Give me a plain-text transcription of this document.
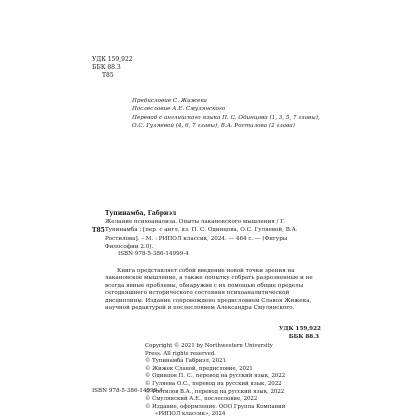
УДК 159,922
ББК 88.3
Т85
Предисловие С. Жижека
Послесловие А.Е. Смулянского
Перевод с английского языка П. С. Одинцова (1, 3, 5, 7 главы),
О.С. Гуляевой (4, 6, 7 главы), В.А. Ростилова (2 глава)
Тупинамба, Габриэл
Т85
Желание психоанализа. Опыты лакановского мышления / Г. Тупинамба ; [пер. с англ. яз. П. С. Одинцова, О.С. Гуляевой, В.А. Ростилова]. – М. : РИПОЛ классик, 2024. — 464 с. — (Фигуры Философии 2.0).
ISBN 978-5-386-14999-4
Книга представляет собой введение новой точки зрения на лакановское мышление, а также попытку собрать разрозненные и не всегда явные проблемы, обнаружив с их помощью общие пределы сегодняшнего исторического состояния психоаналитической дисциплины. Издание сопровождено предисловием Славоя Жижека, научной редактурой и послесловием Александра Смулянского.
УДК 159,922
ББК 88.3
Copyright © 2021 by Northwestern University
Press. All rights reserved.
© Тупинамба Габриэл, 2021
© Жижек Славой, предисловие, 2021
© Одинцов П. С., перевод на русский язык, 2022
© Гуляева О.С., перевод на русский язык, 2022
© Ростилов В.А., перевод на русский язык, 2022
© Смулянский А.Е., послесловие, 2022
© Издание, оформление. ООО Группа Компаний
«РИПОЛ классик», 2024
ISBN 978-5-386-14999-4
